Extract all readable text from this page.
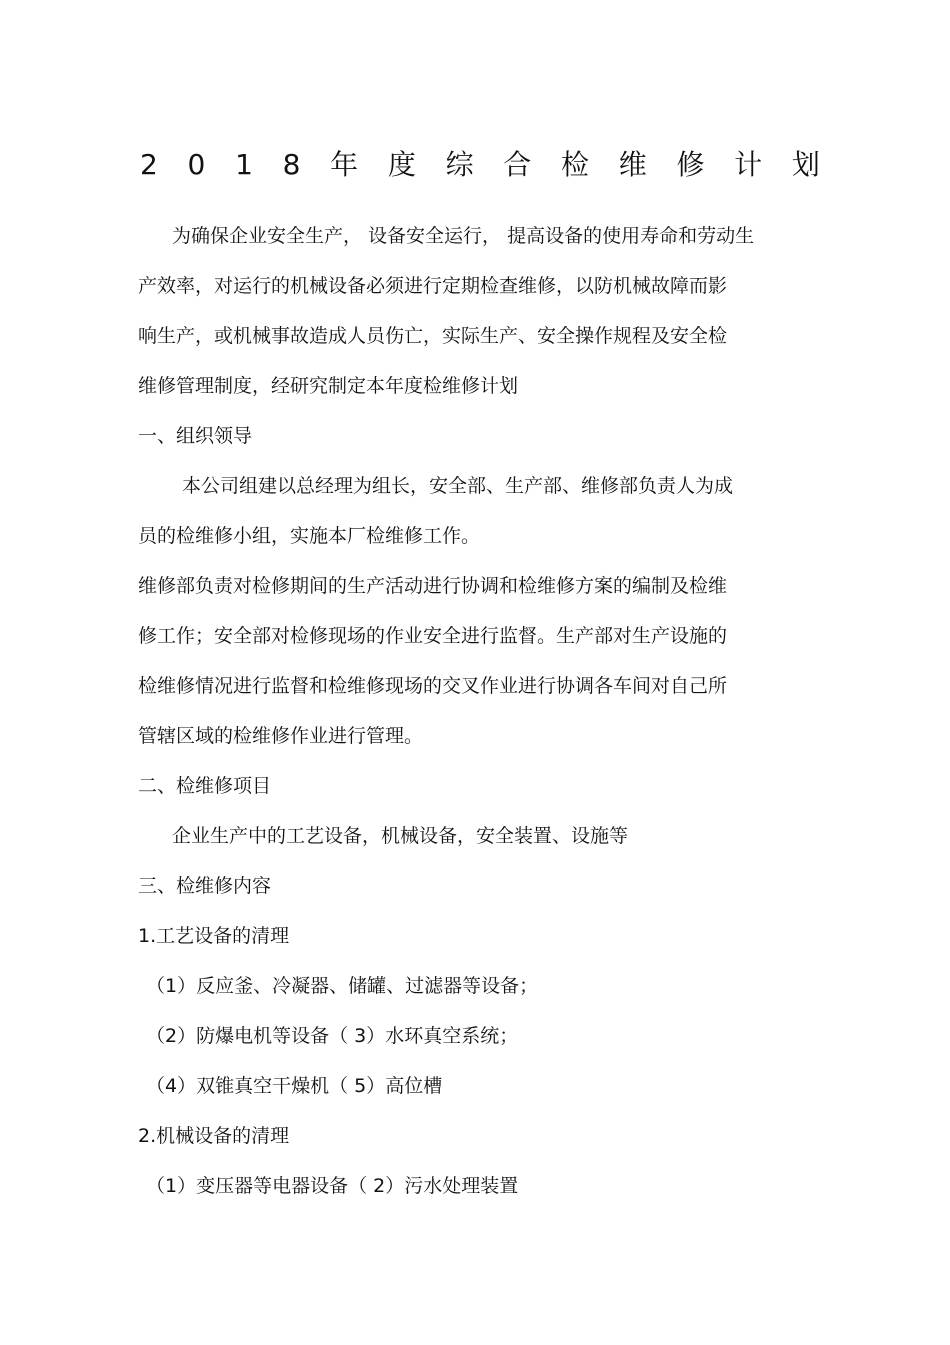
2 0 1 8 年 度 综 合 检 维 修 计 划
为确保企业安全生产， 设备安全运行， 提高设备的使用寿命和劳动生
产效率，对运行的机械设备必须进行定期检查维修，以防机械故障而影
响生产，或机械事故造成人员伤亡，实际生产、安全操作规程及安全检
维修管理制度，经研究制定本年度检维修计划
一、组织领导
本公司组建以总经理为组长，安全部、生产部、维修部负责人为成
员的检维修小组，实施本厂检维修工作。
维修部负责对检修期间的生产活动进行协调和检维修方案的编制及检维
修工作；安全部对检修现场的作业安全进行监督。生产部对生产设施的
检维修情况进行监督和检维修现场的交叉作业进行协调各车间对自己所
管辖区域的检维修作业进行管理。
二、检维修项目
企业生产中的工艺设备，机械设备，安全装置、设施等
三、检维修内容
1.工艺设备的清理
（1）反应釜、冷凝器、储罐、过滤器等设备；
（2）防爆电机等设备（ 3）水环真空系统；
（4）双锥真空干燥机（ 5）高位槽
2.机械设备的清理
（1）变压器等电器设备（ 2）污水处理装置
